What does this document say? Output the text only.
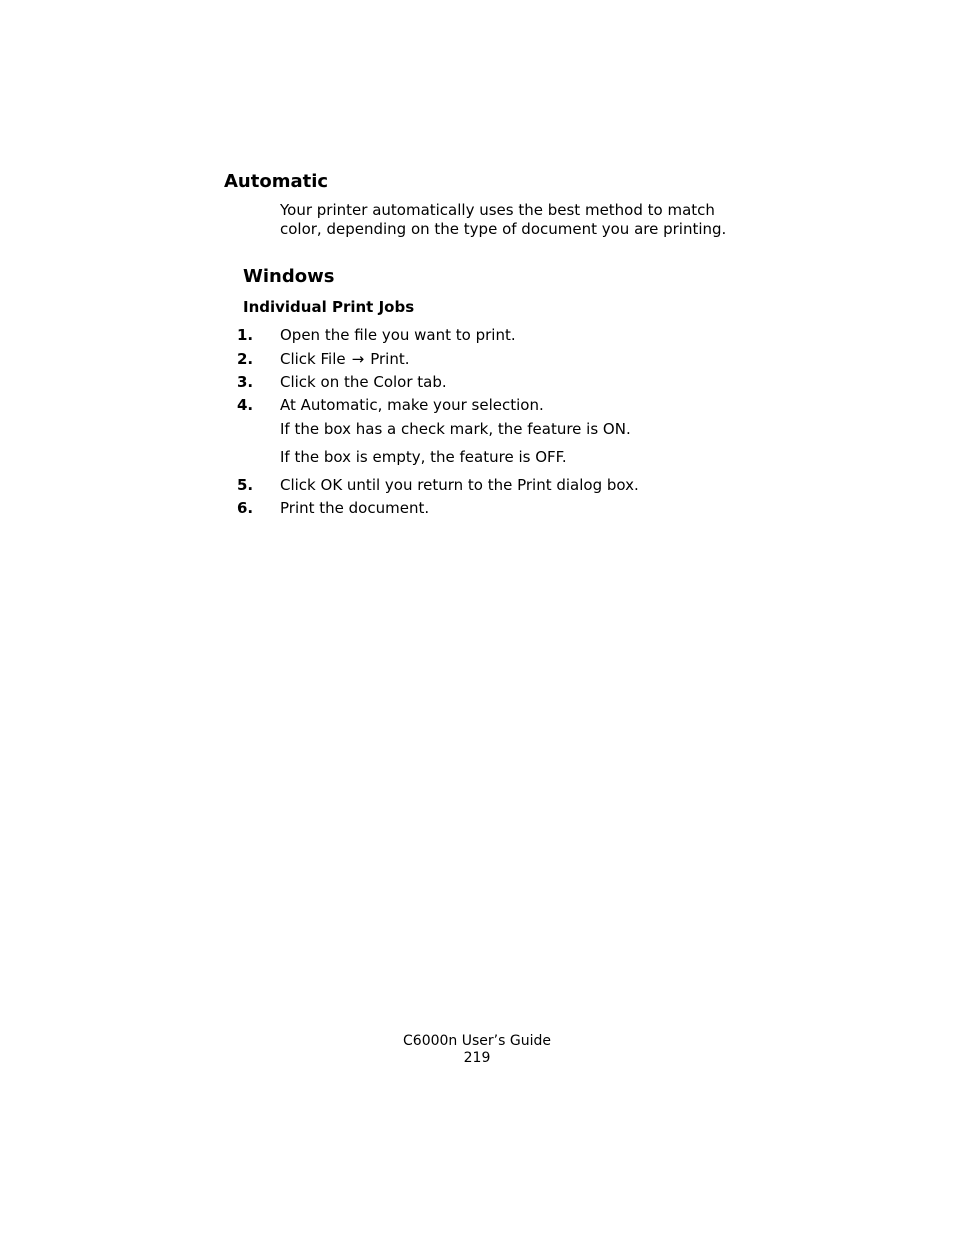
Automatic
Your printer automatically uses the best method to match color, depending on the type of document you are printing.
Windows
Individual Print Jobs
1. Open the file you want to print.
2. Click File → Print.
3. Click on the Color tab.
4. At Automatic, make your selection.
If the box has a check mark, the feature is ON.
If the box is empty, the feature is OFF.
5. Click OK until you return to the Print dialog box.
6. Print the document.
C6000n User’s Guide
219
